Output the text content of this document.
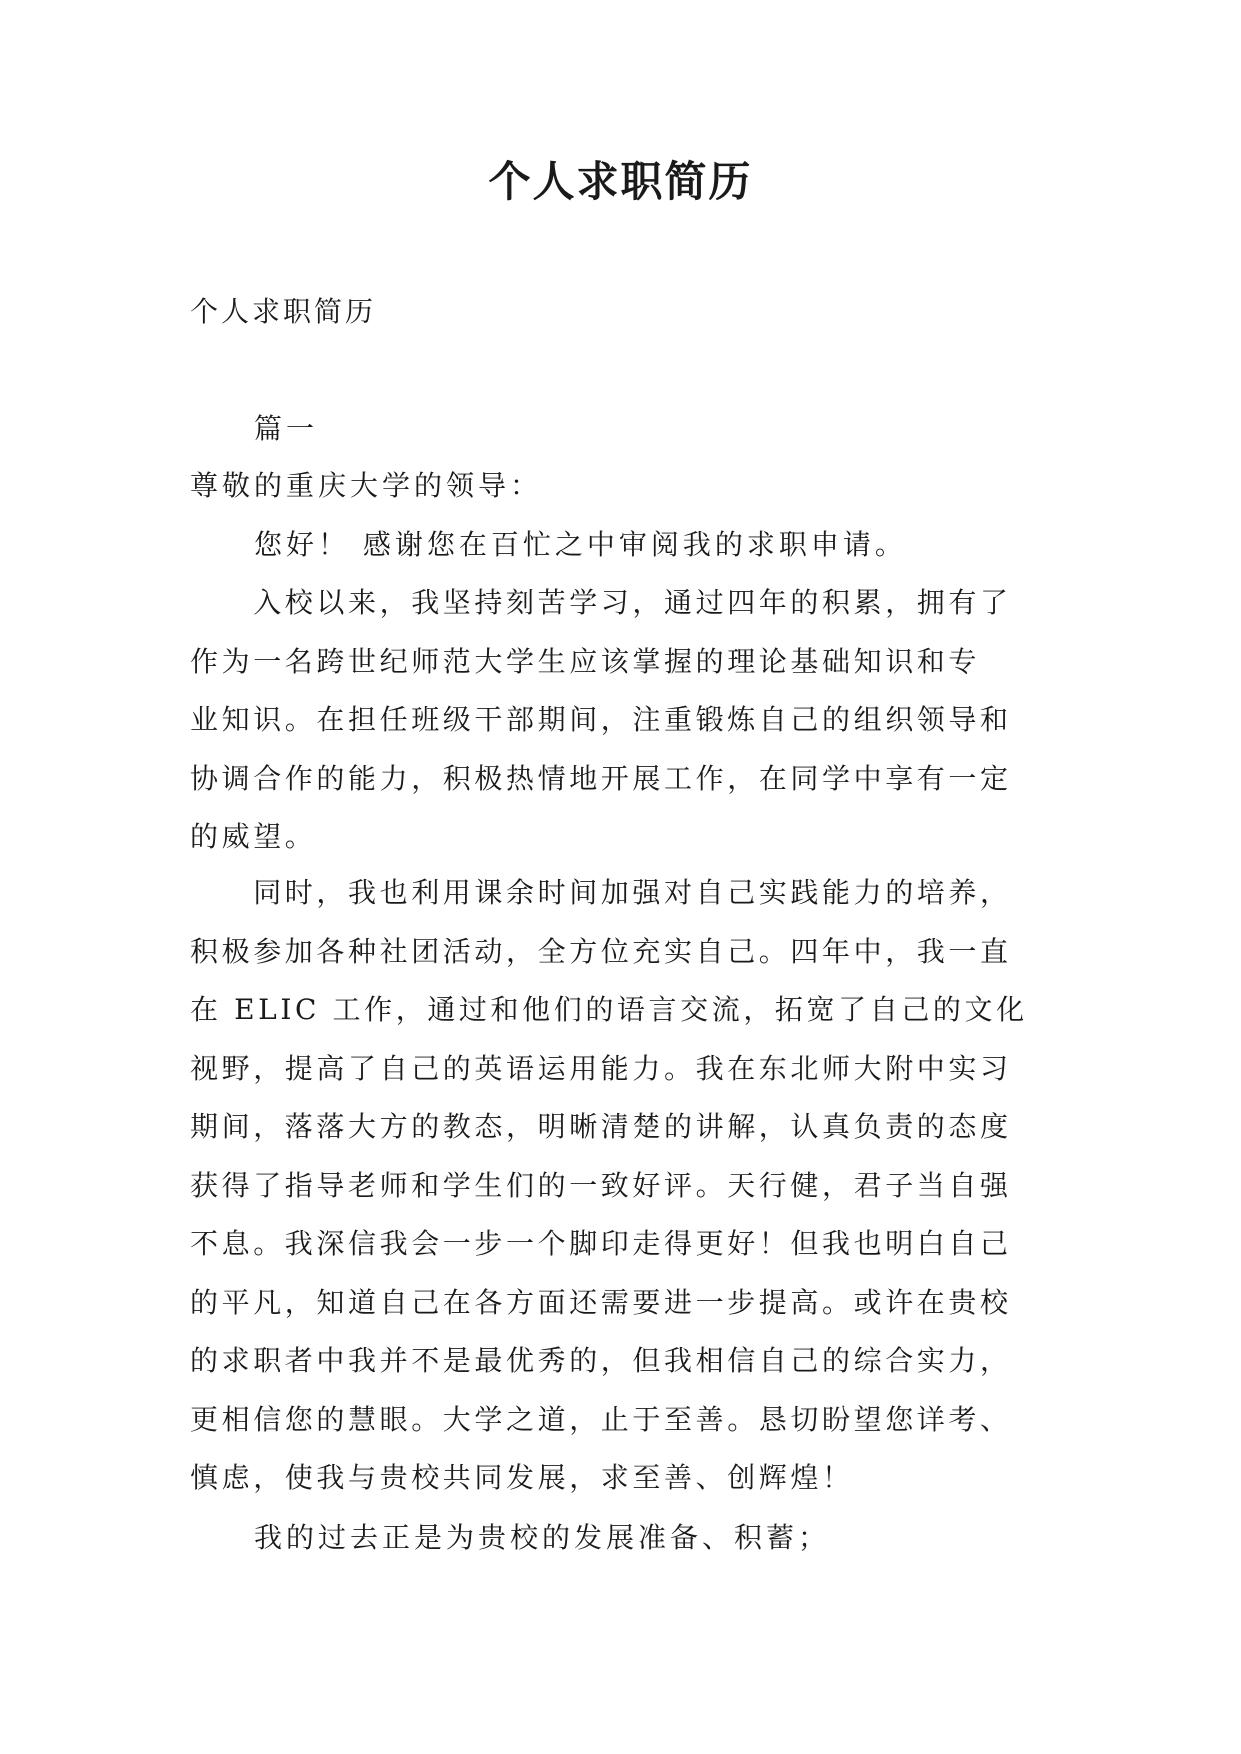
个人求职简历
个人求职简历
篇一
尊敬的重庆大学的领导：
您好！ 感谢您在百忙之中审阅我的求职申请。
　　入校以来，我坚持刻苦学习，通过四年的积累，拥有了
作为一名跨世纪师范大学生应该掌握的理论基础知识和专
业知识。在担任班级干部期间，注重锻炼自己的组织领导和
协调合作的能力，积极热情地开展工作，在同学中享有一定
的威望。
　　同时，我也利用课余时间加强对自己实践能力的培养，
积极参加各种社团活动，全方位充实自己。四年中，我一直
在 ELIC 工作，通过和他们的语言交流，拓宽了自己的文化
视野，提高了自己的英语运用能力。我在东北师大附中实习
期间，落落大方的教态，明晰清楚的讲解，认真负责的态度
获得了指导老师和学生们的一致好评。天行健，君子当自强
不息。我深信我会一步一个脚印走得更好！但我也明白自己
的平凡，知道自己在各方面还需要进一步提高。或许在贵校
的求职者中我并不是最优秀的，但我相信自己的综合实力，
更相信您的慧眼。大学之道，止于至善。恳切盼望您详考、
慎虑，使我与贵校共同发展，求至善、创辉煌！
我的过去正是为贵校的发展准备、积蓄；
